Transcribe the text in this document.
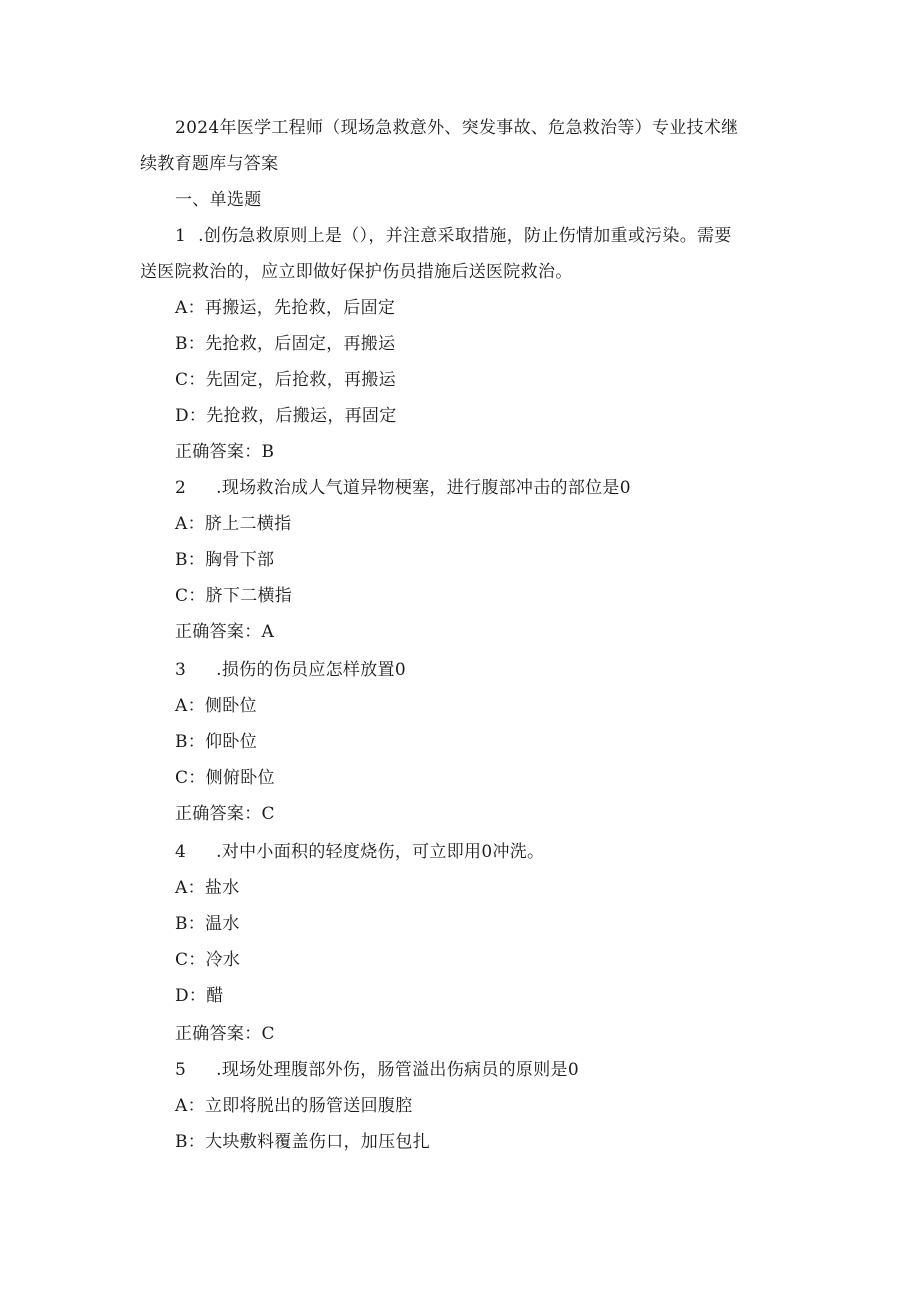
2024年医学工程师（现场急救意外、突发事故、危急救治等）专业技术继
续教育题库与答案
一、单选题
1 .创伤急救原则上是（），并注意采取措施，防止伤情加重或污染。需要
送医院救治的，应立即做好保护伤员措施后送医院救治。
A：再搬运，先抢救，后固定
B：先抢救，后固定，再搬运
C：先固定，后抢救，再搬运
D：先抢救，后搬运，再固定
正确答案：B
2 .现场救治成人气道异物梗塞，进行腹部冲击的部位是0
A：脐上二横指
B：胸骨下部
C：脐下二横指
正确答案：A
3 .损伤的伤员应怎样放置0
A：侧卧位
B：仰卧位
C：侧俯卧位
正确答案：C
4 .对中小面积的轻度烧伤，可立即用0冲洗。
A：盐水
B：温水
C：冷水
D：醋
正确答案：C
5 .现场处理腹部外伤，肠管溢出伤病员的原则是0
A：立即将脱出的肠管送回腹腔
B：大块敷料覆盖伤口，加压包扎
